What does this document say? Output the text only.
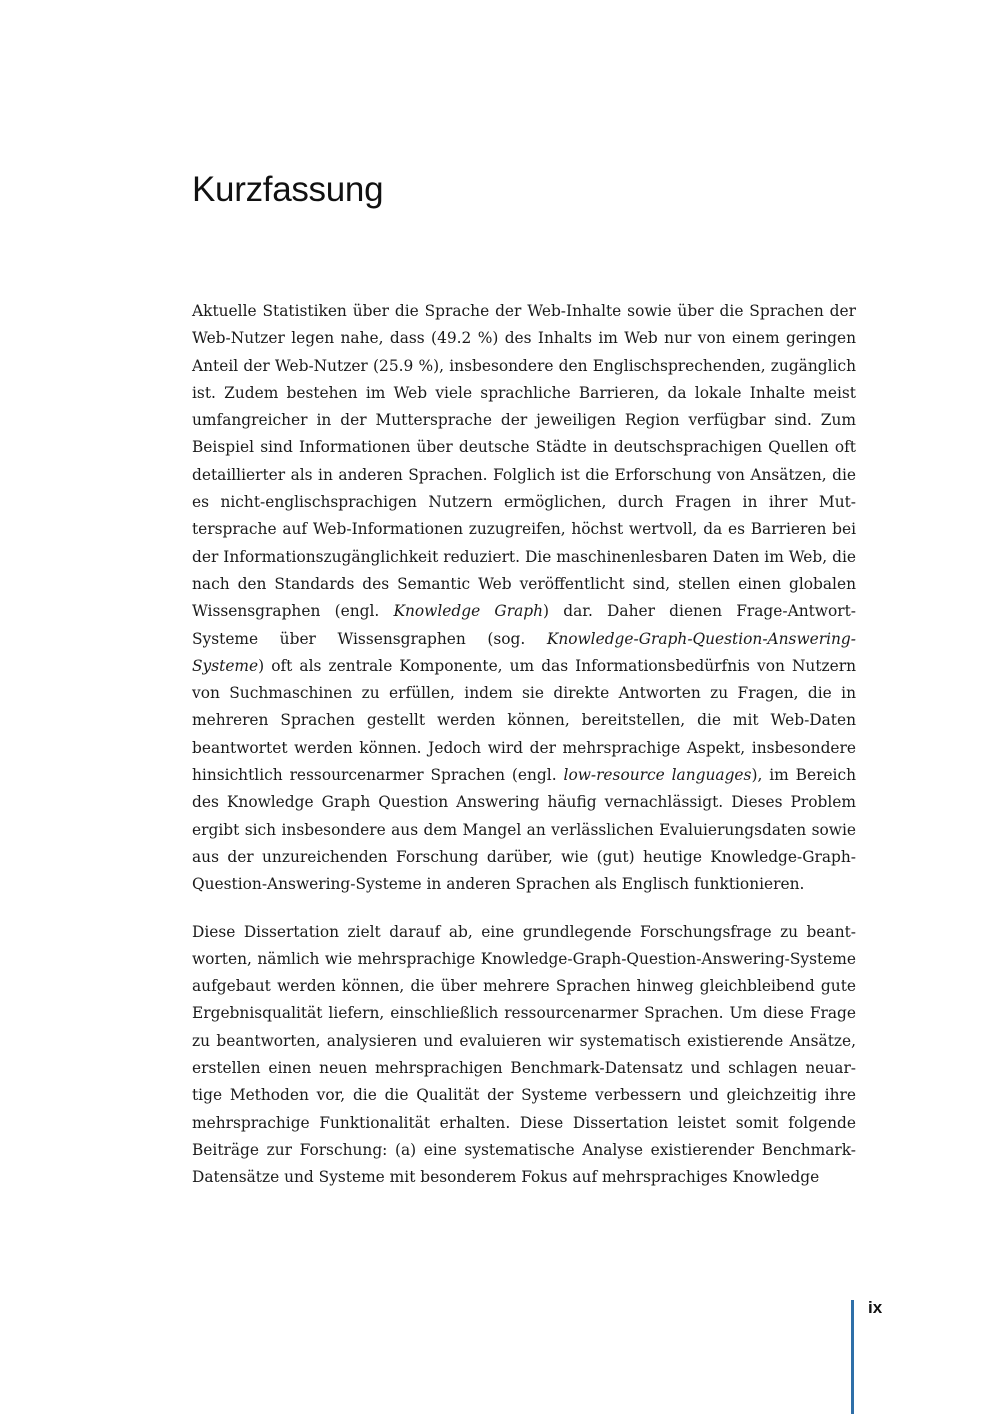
Kurzfassung

Aktuelle Statistiken über die Sprache der Web-Inhalte sowie über die Sprachen der Web-Nutzer legen nahe, dass (49.2 %) des Inhalts im Web nur von einem geringen Anteil der Web-Nutzer (25.9 %), insbesondere den Englischsprechenden, zugänglich ist. Zudem bestehen im Web viele sprachliche Barrieren, da lokale Inhalte meist umfangreicher in der Muttersprache der jeweiligen Region verfügbar sind. Zum Beispiel sind Informationen über deutsche Städte in deutschsprachigen Quellen oft detaillierter als in anderen Sprachen. Folglich ist die Erforschung von Ansätzen, die es nicht-englischsprachigen Nutzern ermöglichen, durch Fragen in ihrer Muttersprache auf Web-Informationen zuzugreifen, höchst wertvoll, da es Barrieren bei der Informationszugänglichkeit reduziert. Die maschinenlesbaren Daten im Web, die nach den Standards des Semantic Web veröffentlicht sind, stellen einen globalen Wissensgraphen (engl. Knowledge Graph) dar. Daher dienen Frage-Antwort-Systeme über Wissensgraphen (sog. Knowledge-Graph-Question-Answering-Systeme) oft als zentrale Komponente, um das Informationsbedürfnis von Nutzern von Suchmaschinen zu erfüllen, indem sie direkte Antworten zu Fragen, die in mehreren Sprachen gestellt werden können, bereitstellen, die mit Web-Daten beantwortet werden können. Jedoch wird der mehrsprachige Aspekt, insbesondere hinsichtlich ressourcenarmer Sprachen (engl. low-resource languages), im Bereich des Knowledge Graph Question Answering häufig vernachlässigt. Dieses Problem ergibt sich insbesondere aus dem Mangel an verlässlichen Evaluierungsdaten sowie aus der unzureichenden Forschung darüber, wie (gut) heutige Knowledge-Graph-Question-Answering-Systeme in anderen Sprachen als Englisch funktionieren.

Diese Dissertation zielt darauf ab, eine grundlegende Forschungsfrage zu beantworten, nämlich wie mehrsprachige Knowledge-Graph-Question-Answering-Systeme aufgebaut werden können, die über mehrere Sprachen hinweg gleichbleibend gute Ergebnisqualität liefern, einschließlich ressourcenarmer Sprachen. Um diese Frage zu beantworten, analysieren und evaluieren wir systematisch existierende Ansätze, erstellen einen neuen mehrsprachigen Benchmark-Datensatz und schlagen neuartige Methoden vor, die die Qualität der Systeme verbessern und gleichzeitig ihre mehrsprachige Funktionalität erhalten. Diese Dissertation leistet somit folgende Beiträge zur Forschung: (a) eine systematische Analyse existierender Benchmark-Datensätze und Systeme mit besonderem Fokus auf mehrsprachiges Knowledge

ix
